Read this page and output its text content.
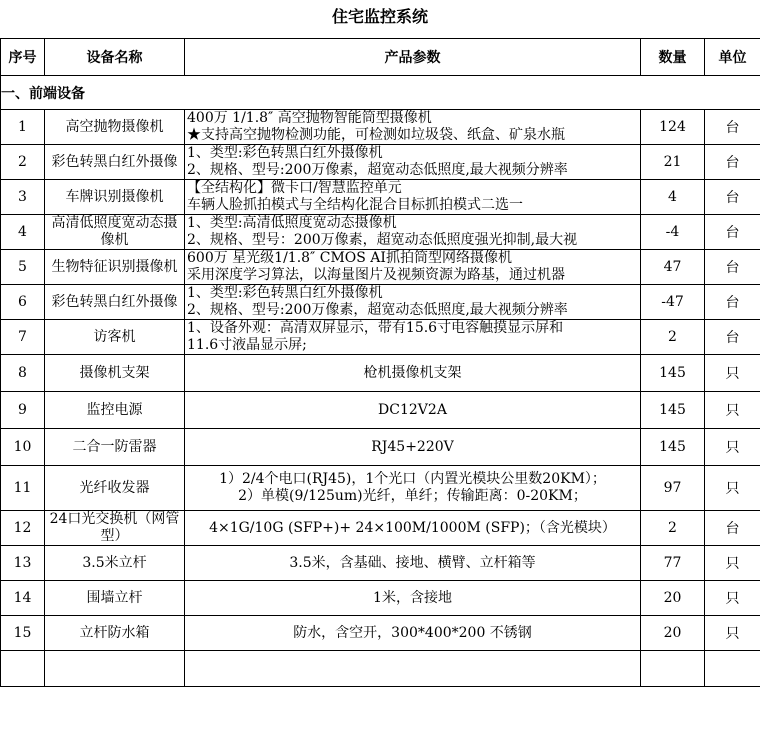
住宅监控系统
序号	设备名称	产品参数	数量	单位
一、前端设备				
1	高空抛物摄像机	400万 1/1.8″ 高空抛物智能筒型摄像机
★支持高空抛物检测功能，可检测如垃圾袋、纸盒、矿泉水瓶	124	台
2	彩色转黑白红外摄像	1、类型:彩色转黑白红外摄像机
2、规格、型号:200万像素，超宽动态低照度,最大视频分辨率	21	台
3	车牌识别摄像机	【全结构化】微卡口/智慧监控单元
车辆人脸抓拍模式与全结构化混合目标抓拍模式二选一	4	台
4	高清低照度宽动态摄像机	1、类型:高清低照度宽动态摄像机
2、规格、型号：200万像素，超宽动态低照度强光抑制,最大视	-4	台
5	生物特征识别摄像机	600万 星光级1/1.8″ CMOS AI抓拍筒型网络摄像机
采用深度学习算法，以海量图片及视频资源为路基，通过机器	47	台
6	彩色转黑白红外摄像	1、类型:彩色转黑白红外摄像机
2、规格、型号:200万像素，超宽动态低照度,最大视频分辨率	-47	台
7	访客机	1、设备外观：高清双屏显示，带有15.6寸电容触摸显示屏和
11.6寸液晶显示屏;	2	台
8	摄像机支架	枪机摄像机支架	145	只
9	监控电源	DC12V2A	145	只
10	二合一防雷器	RJ45+220V	145	只
11	光纤收发器	1）2/4个电口(RJ45)，1个光口（内置光模块公里数20KM）；
2）单模(9/125um)光纤，单纤；传输距离：0-20KM；	97	只
12	24口光交换机（网管型）	4×1G/10G (SFP+)+ 24×100M/1000M (SFP)；（含光模块）	2	台
13	3.5米立杆	3.5米，含基础、接地、横臂、立杆箱等	77	只
14	围墙立杆	1米，含接地	20	只
15	立杆防水箱	防水，含空开，300*400*200 不锈钢	20	只
